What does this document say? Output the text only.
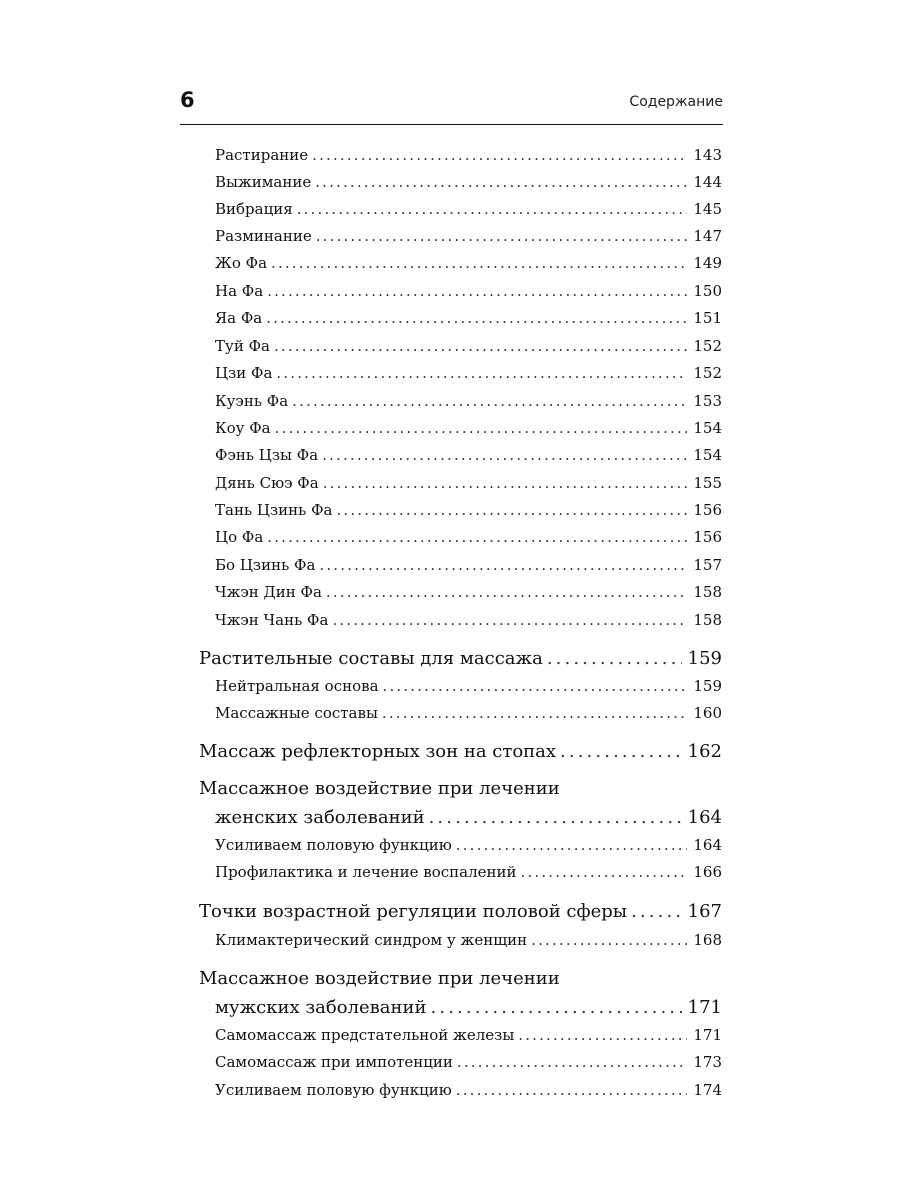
6	Содержание
Растирание . . .	143
Выжимание . . .	144
Вибрация . . .	145
Разминание . . .	147
Жо Фа . . .	149
На Фа . . .	150
Яа Фа . . .	151
Туй Фа . . .	152
Цзи Фа . . .	152
Куэнь Фа . . .	153
Коу Фа . . .	154
Фэнь Цзы Фа . . .	154
Дянь Сюэ Фа . . .	155
Тань Цзинь Фа . . .	156
Цо Фа . . .	156
Бо Цзинь Фа . . .	157
Чжэн Дин Фа . . .	158
Чжэн Чань Фа . . .	158
Растительные составы для массажа . . .	159
Нейтральная основа . . .	159
Массажные составы . . .	160
Массаж рефлекторных зон на стопах . . .	162
Массажное воздействие при лечении
женских заболеваний . . .	164
Усиливаем половую функцию . . .	164
Профилактика и лечение воспалений . . .	166
Точки возрастной регуляции половой сферы . . .	167
Климактерический синдром у женщин . . .	168
Массажное воздействие при лечении
мужских заболеваний . . .	171
Самомассаж предстательной железы . . .	171
Самомассаж при импотенции . . .	173
Усиливаем половую функцию . . .	174
